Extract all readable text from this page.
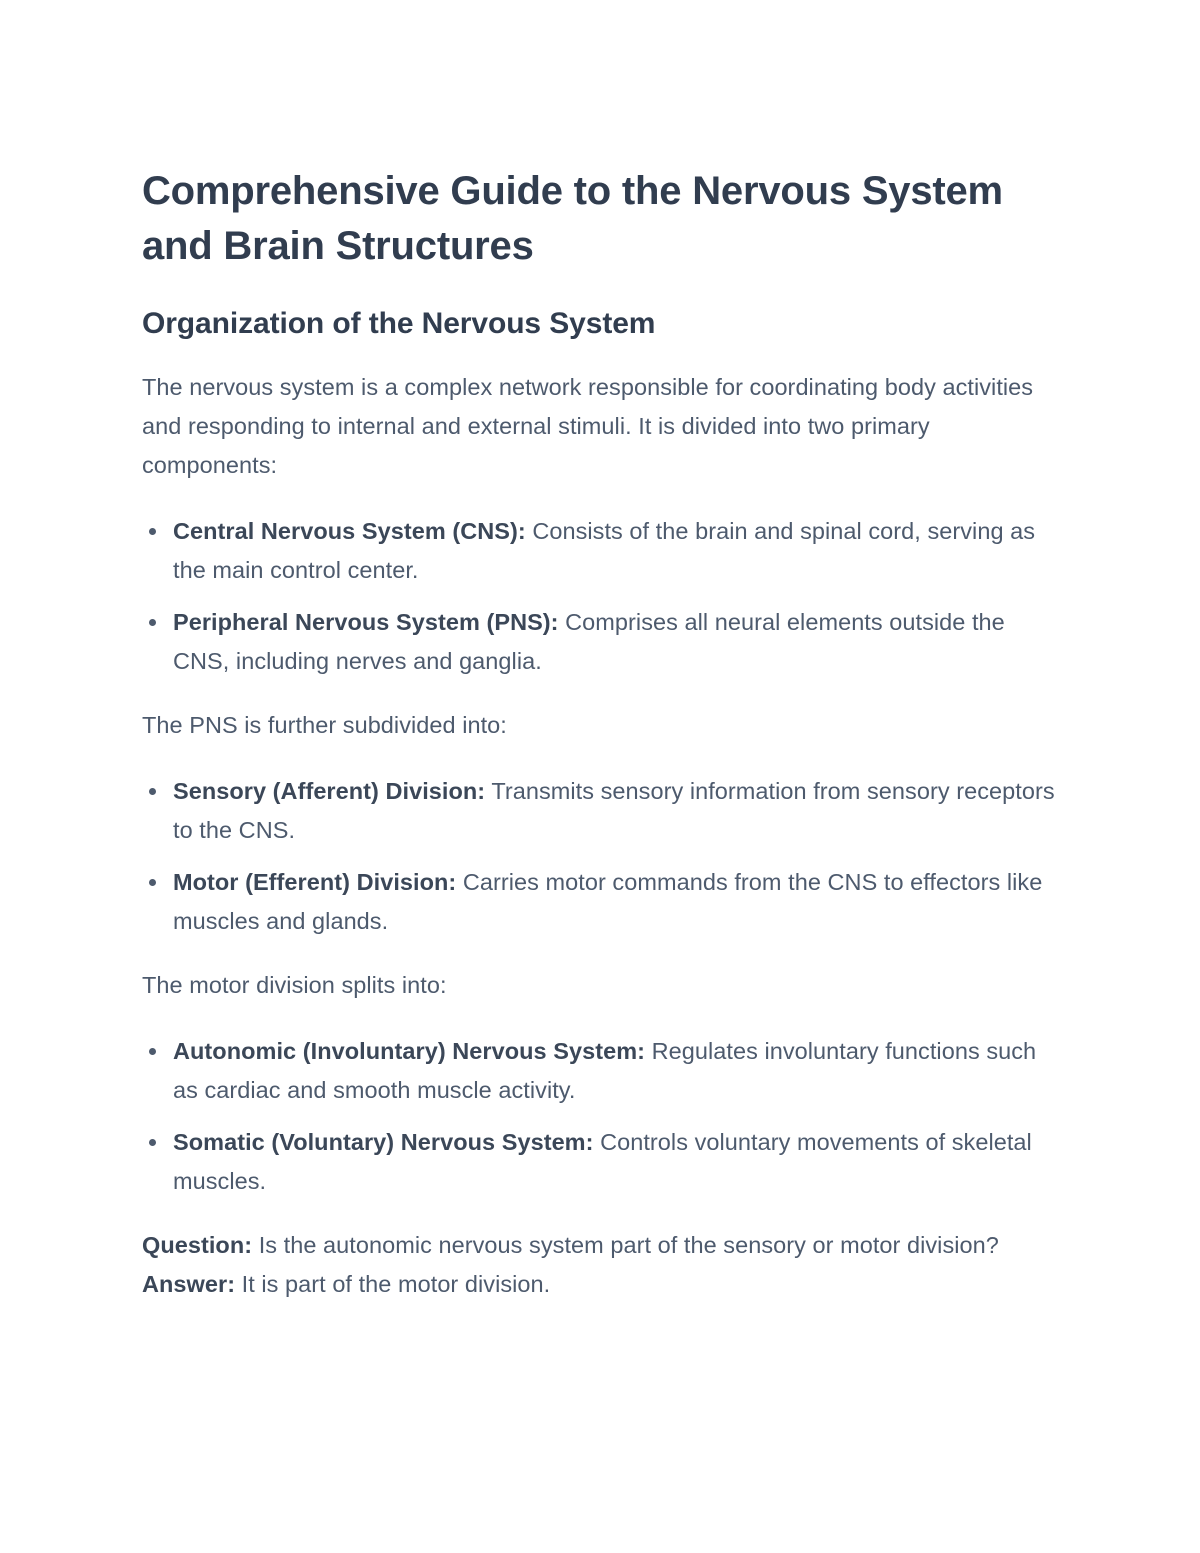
Comprehensive Guide to the Nervous System and Brain Structures
Organization of the Nervous System

The nervous system is a complex network responsible for coordinating body activities and responding to internal and external stimuli. It is divided into two primary components:

Central Nervous System (CNS): Consists of the brain and spinal cord, serving as the main control center.
Peripheral Nervous System (PNS): Comprises all neural elements outside the CNS, including nerves and ganglia.

The PNS is further subdivided into:

Sensory (Afferent) Division: Transmits sensory information from sensory receptors to the CNS.
Motor (Efferent) Division: Carries motor commands from the CNS to effectors like muscles and glands.

The motor division splits into:

Autonomic (Involuntary) Nervous System: Regulates involuntary functions such as cardiac and smooth muscle activity.
Somatic (Voluntary) Nervous System: Controls voluntary movements of skeletal muscles.

Question: Is the autonomic nervous system part of the sensory or motor division?
Answer: It is part of the motor division.
